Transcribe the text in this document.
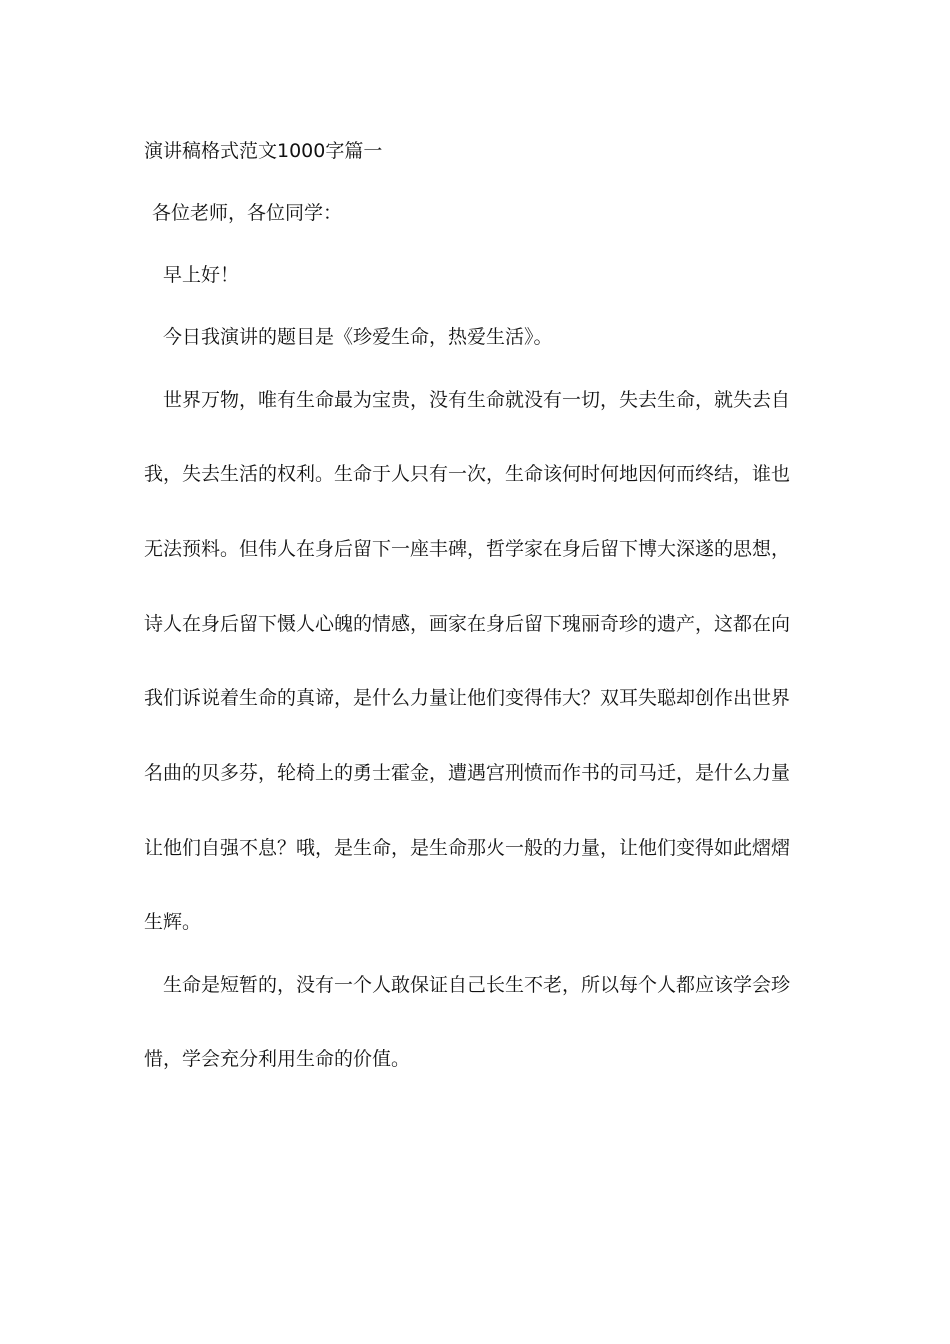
演讲稿格式范文1000字篇一
各位老师，各位同学：
早上好！
今日我演讲的题目是《珍爱生命，热爱生活》。
世界万物，唯有生命最为宝贵，没有生命就没有一切，失去生命，就失去自
我，失去生活的权利。生命于人只有一次，生命该何时何地因何而终结，谁也
无法预料。但伟人在身后留下一座丰碑，哲学家在身后留下博大深遂的思想，
诗人在身后留下慑人心魄的情感，画家在身后留下瑰丽奇珍的遗产，这都在向
我们诉说着生命的真谛，是什么力量让他们变得伟大？双耳失聪却创作出世界
名曲的贝多芬，轮椅上的勇士霍金，遭遇宫刑愤而作书的司马迁，是什么力量
让他们自强不息？哦，是生命，是生命那火一般的力量，让他们变得如此熠熠
生辉。
生命是短暂的，没有一个人敢保证自己长生不老，所以每个人都应该学会珍
惜，学会充分利用生命的价值。
